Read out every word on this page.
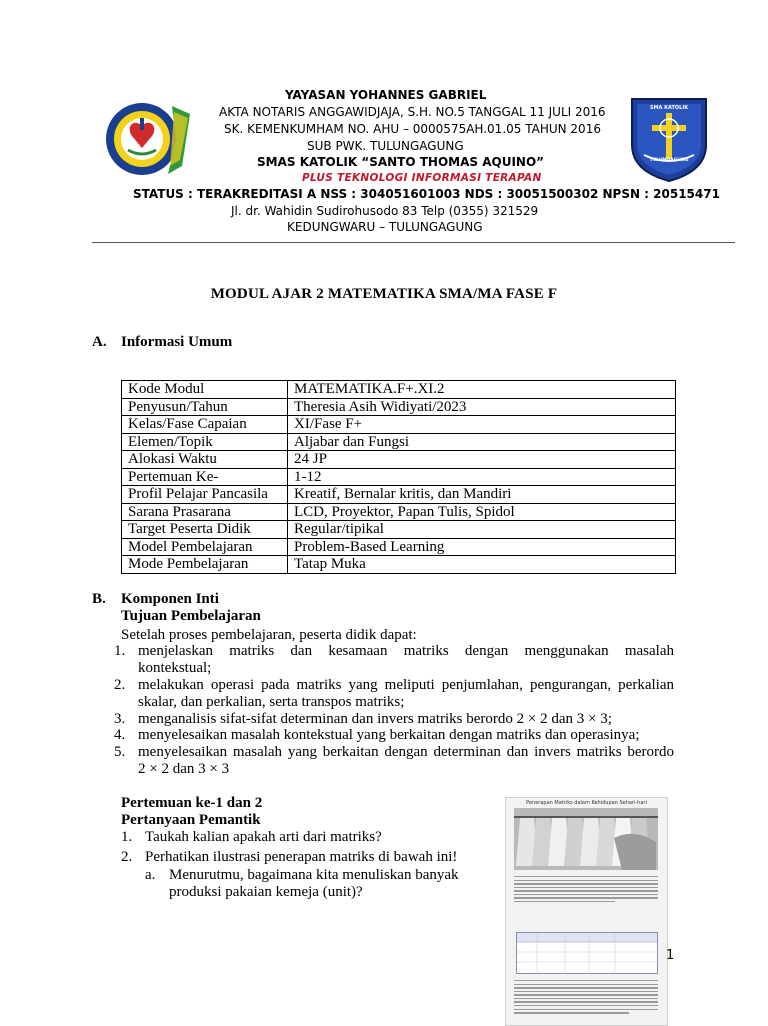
SMA KATOLIK
TULUNGAGUNG
YAYASAN YOHANNES GABRIEL
AKTA NOTARIS ANGGAWIDJAJA, S.H. NO.5 TANGGAL 11 JULI 2016
SK. KEMENKUMHAM NO. AHU – 0000575AH.01.05 TAHUN 2016
SUB PWK. TULUNGAGUNG
SMAS KATOLIK “SANTO THOMAS AQUINO”
PLUS TEKNOLOGI INFORMASI TERAPAN
STATUS : TERAKREDITASI A NSS : 304051601003 NDS : 30051500302 NPSN : 20515471
Jl. dr. Wahidin Sudirohusodo 83 Telp (0355) 321529
KEDUNGWARU – TULUNGAGUNG
MODUL AJAR 2 MATEMATIKA SMA/MA FASE F
A. Informasi Umum
Kode Modul	MATEMATIKA.F+.XI.2
Penyusun/Tahun	Theresia Asih Widiyati/2023
Kelas/Fase Capaian	XI/Fase F+
Elemen/Topik	Aljabar dan Fungsi
Alokasi Waktu	24 JP
Pertemuan Ke-	1-12
Profil Pelajar Pancasila	Kreatif, Bernalar kritis, dan Mandiri
Sarana Prasarana	LCD, Proyektor, Papan Tulis, Spidol
Target Peserta Didik	Regular/tipikal
Model Pembelajaran	Problem-Based Learning
Mode Pembelajaran	Tatap Muka
B. Komponen Inti
Tujuan Pembelajaran
Setelah proses pembelajaran, peserta didik dapat:
1. menjelaskan matriks dan kesamaan matriks dengan menggunakan masalah
kontekstual;
2. melakukan operasi pada matriks yang meliputi penjumlahan, pengurangan, perkalian
skalar, dan perkalian, serta transpos matriks;
3. menganalisis sifat-sifat determinan dan invers matriks berordo 2 × 2 dan 3 × 3;
4. menyelesaikan masalah kontekstual yang berkaitan dengan matriks dan operasinya;
5. menyelesaikan masalah yang berkaitan dengan determinan dan invers matriks berordo
2 × 2 dan 3 × 3
Pertemuan ke-1 dan 2
Pertanyaan Pemantik
1. Taukah kalian apakah arti dari matriks?
2. Perhatikan ilustrasi penerapan matriks di bawah ini!
a. Menurutmu, bagaimana kita menuliskan banyak
produksi pakaian kemeja (unit)?
Penerapan Matriks dalam Kehidupan Sehari-hari
1
